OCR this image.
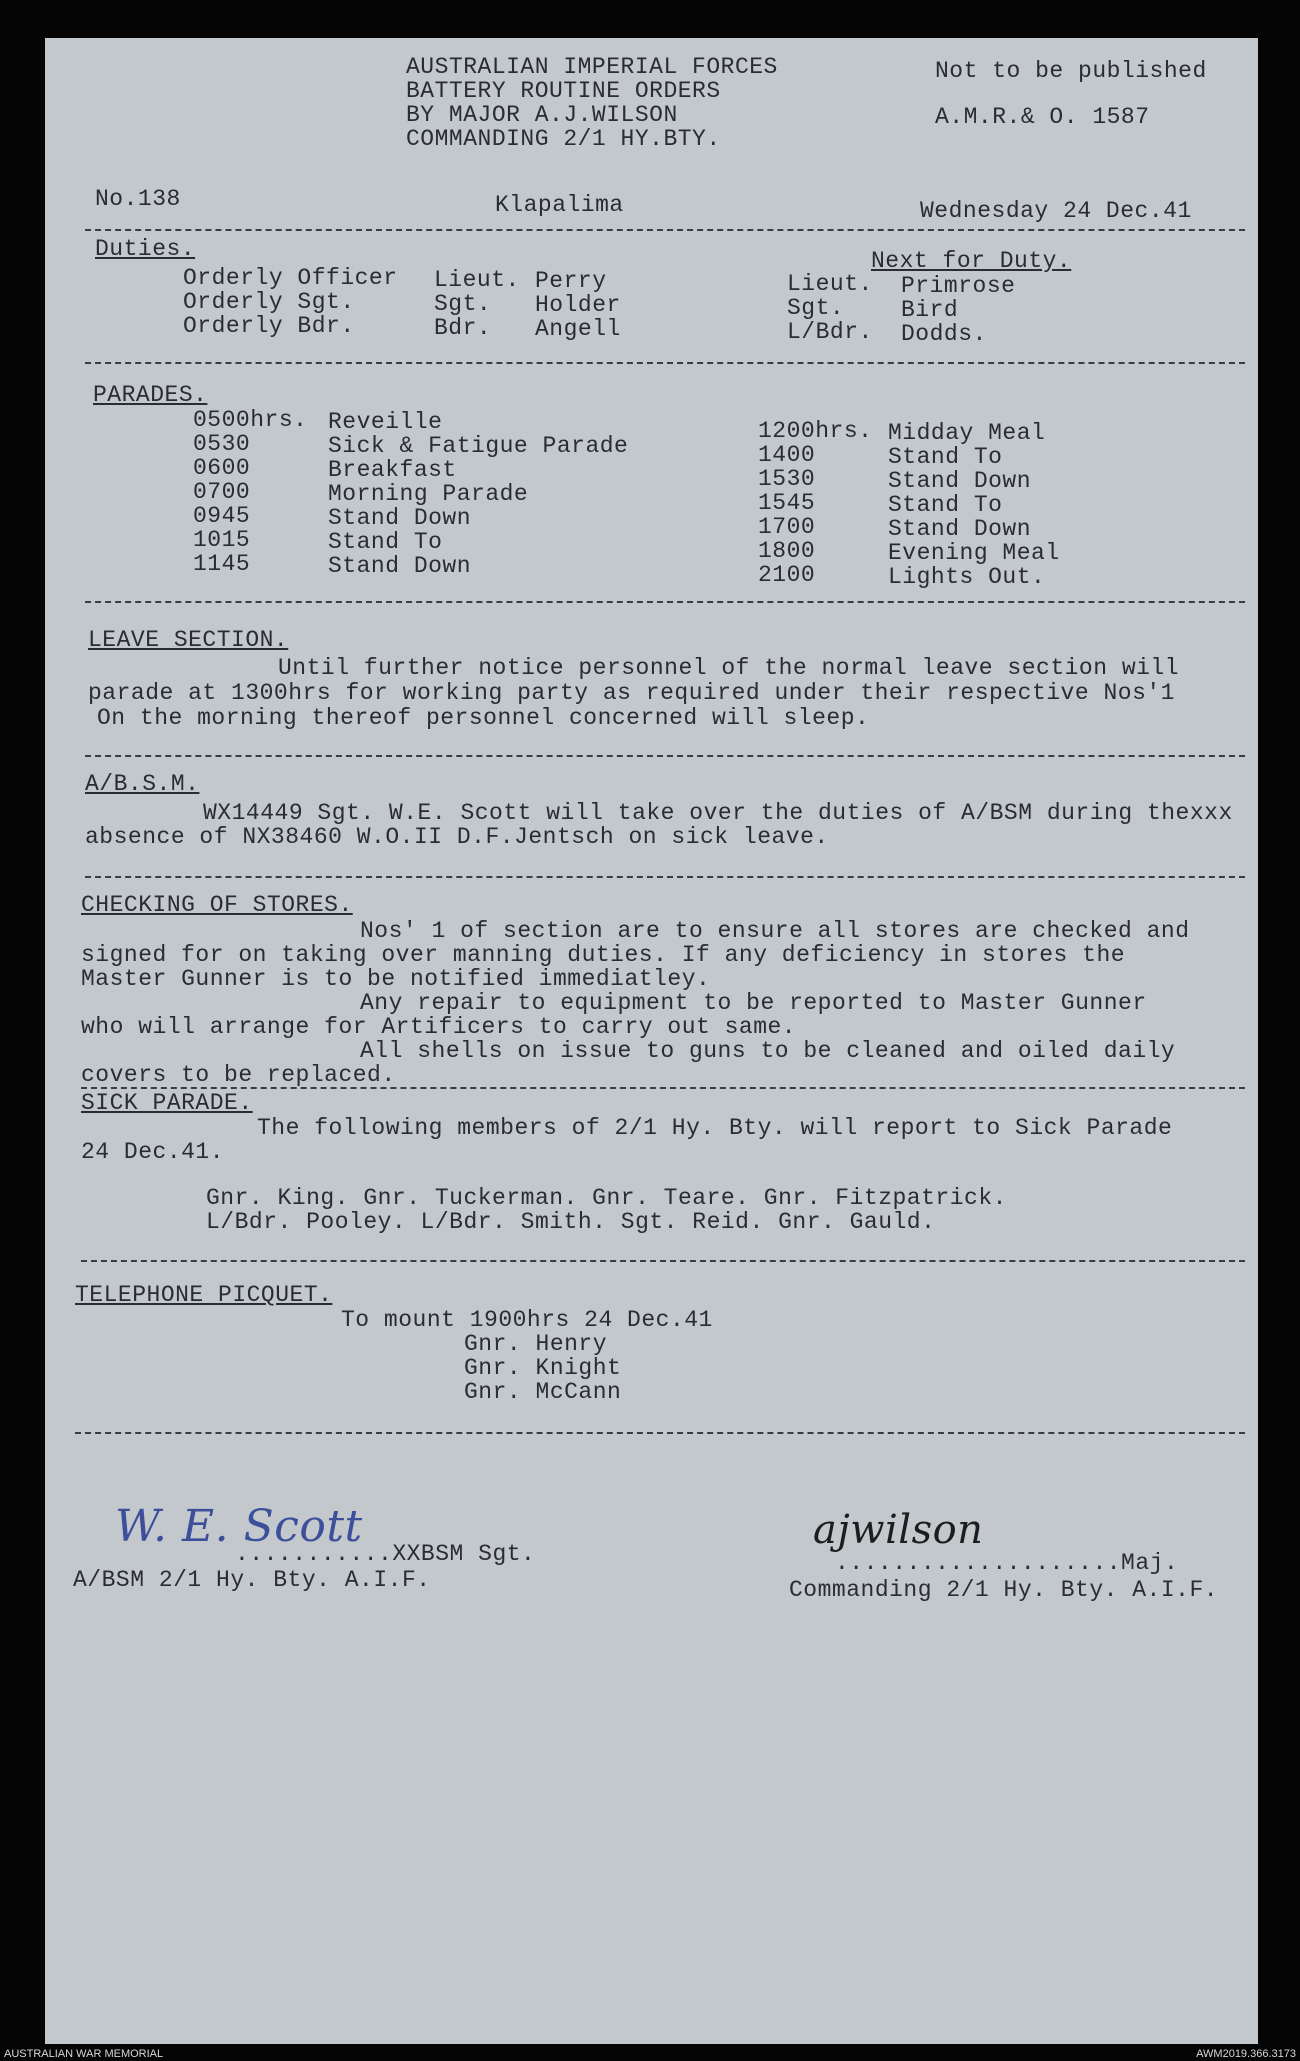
AUSTRALIAN IMPERIAL FORCES
BATTERY ROUTINE ORDERS
BY MAJOR A.J.WILSON
COMMANDING 2/1 HY.BTY.
Not to be published
A.M.R.& O. 1587
No.138	Klapalima	Wednesday 24 Dec.41
Duties.	Next for Duty.
Orderly Officer Lieut. Perry	Lieut. Primrose
Orderly Sgt.	Sgt. Holder	Sgt. Bird
Orderly Bdr.	Bdr. Angell	L/Bdr. Dodds.
PARADES.
0500hrs. Reveille
0530	Sick & Fatigue Parade
0600	Breakfast
0700	Morning Parade
0945	Stand Down
1015	Stand To
1145	Stand Down
1200hrs. Midday Meal
1400	Stand To
1530	Stand Down
1545	Stand To
1700	Stand Down
1800	Evening Meal
2100	Lights Out.
LEAVE SECTION.
Until further notice personnel of the normal leave section will
parade at 1300hrs for working party as required under their respective Nos'1
On the morning thereof personnel concerned will sleep.
A/B.S.M.
WX14449 Sgt. W.E. Scott will take over the duties of A/BSM during thexxx
absence of NX38460 W.O.II D.F.Jentsch on sick leave.
CHECKING OF STORES.
Nos' 1 of section are to ensure all stores are checked and
signed for on taking over manning duties. If any deficiency in stores the
Master Gunner is to be notified immediatley.
Any repair to equipment to be reported to Master Gunner
who will arrange for Artificers to carry out same.
All shells on issue to guns to be cleaned and oiled daily
covers to be replaced.
SICK PARADE.
The following members of 2/1 Hy. Bty. will report to Sick Parade
24 Dec.41.
Gnr. King. Gnr. Tuckerman. Gnr. Teare. Gnr. Fitzpatrick.
L/Bdr. Pooley. L/Bdr. Smith. Sgt. Reid. Gnr. Gauld.
TELEPHONE PICQUET.
To mount 1900hrs 24 Dec.41
Gnr. Henry
Gnr. Knight
Gnr. McCann
W. E. Scott
...........XXBSM Sgt.
A/BSM 2/1 Hy. Bty. A.I.F.
ajwilson
....................Maj.
Commanding 2/1 Hy. Bty. A.I.F.
AUSTRALIAN WAR MEMORIAL	AWM2019.366.3173
